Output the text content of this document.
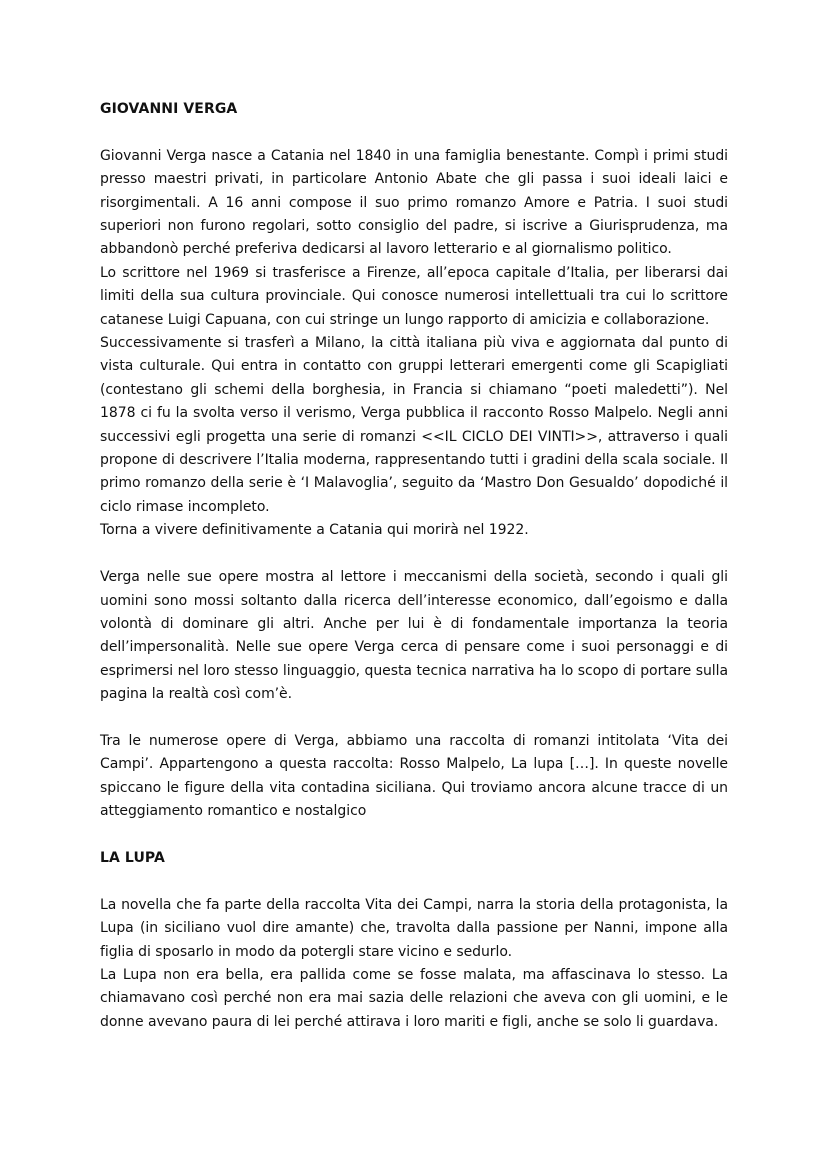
GIOVANNI VERGA

Giovanni Verga nasce a Catania nel 1840 in una famiglia benestante. Compì i primi studi presso maestri privati, in particolare Antonio Abate che gli passa i suoi ideali laici e risorgimentali. A 16 anni compose il suo primo romanzo Amore e Patria. I suoi studi superiori non furono regolari, sotto consiglio del padre, si iscrive a Giurisprudenza, ma abbandonò perché preferiva dedicarsi al lavoro letterario e al giornalismo politico.

Lo scrittore nel 1969 si trasferisce a Firenze, all’epoca capitale d’Italia, per liberarsi dai limiti della sua cultura provinciale. Qui conosce numerosi intellettuali tra cui lo scrittore catanese Luigi Capuana, con cui stringe un lungo rapporto di amicizia e collaborazione.

Successivamente si trasferì a Milano, la città italiana più viva e aggiornata dal punto di vista culturale. Qui entra in contatto con gruppi letterari emergenti come gli Scapigliati (contestano gli schemi della borghesia, in Francia si chiamano “poeti maledetti”). Nel 1878 ci fu la svolta verso il verismo, Verga pubblica il racconto Rosso Malpelo. Negli anni successivi egli progetta una serie di romanzi <<IL CICLO DEI VINTI>>, attraverso i quali propone di descrivere l’Italia moderna, rappresentando tutti i gradini della scala sociale. Il primo romanzo della serie è ‘I Malavoglia’, seguito da ‘Mastro Don Gesualdo’ dopodiché il ciclo rimase incompleto.

Torna a vivere definitivamente a Catania qui morirà nel 1922.

Verga nelle sue opere mostra al lettore i meccanismi della società, secondo i quali gli uomini sono mossi soltanto dalla ricerca dell’interesse economico, dall’egoismo e dalla volontà di dominare gli altri. Anche per lui è di fondamentale importanza la teoria dell’impersonalità. Nelle sue opere Verga cerca di pensare come i suoi personaggi e di esprimersi nel loro stesso linguaggio, questa tecnica narrativa ha lo scopo di portare sulla pagina la realtà così com’è.

Tra le numerose opere di Verga, abbiamo una raccolta di romanzi intitolata ‘Vita dei Campi’. Appartengono a questa raccolta: Rosso Malpelo, La lupa […]. In queste novelle spiccano le figure della vita contadina siciliana. Qui troviamo ancora alcune tracce di un atteggiamento romantico e nostalgico

LA LUPA

La novella che fa parte della raccolta Vita dei Campi, narra la storia della protagonista, la Lupa (in siciliano vuol dire amante) che, travolta dalla passione per Nanni, impone alla figlia di sposarlo in modo da potergli stare vicino e sedurlo.

La Lupa non era bella, era pallida come se fosse malata, ma affascinava lo stesso. La chiamavano così perché non era mai sazia delle relazioni che aveva con gli uomini, e le donne avevano paura di lei perché attirava i loro mariti e figli, anche se solo li guardava.
